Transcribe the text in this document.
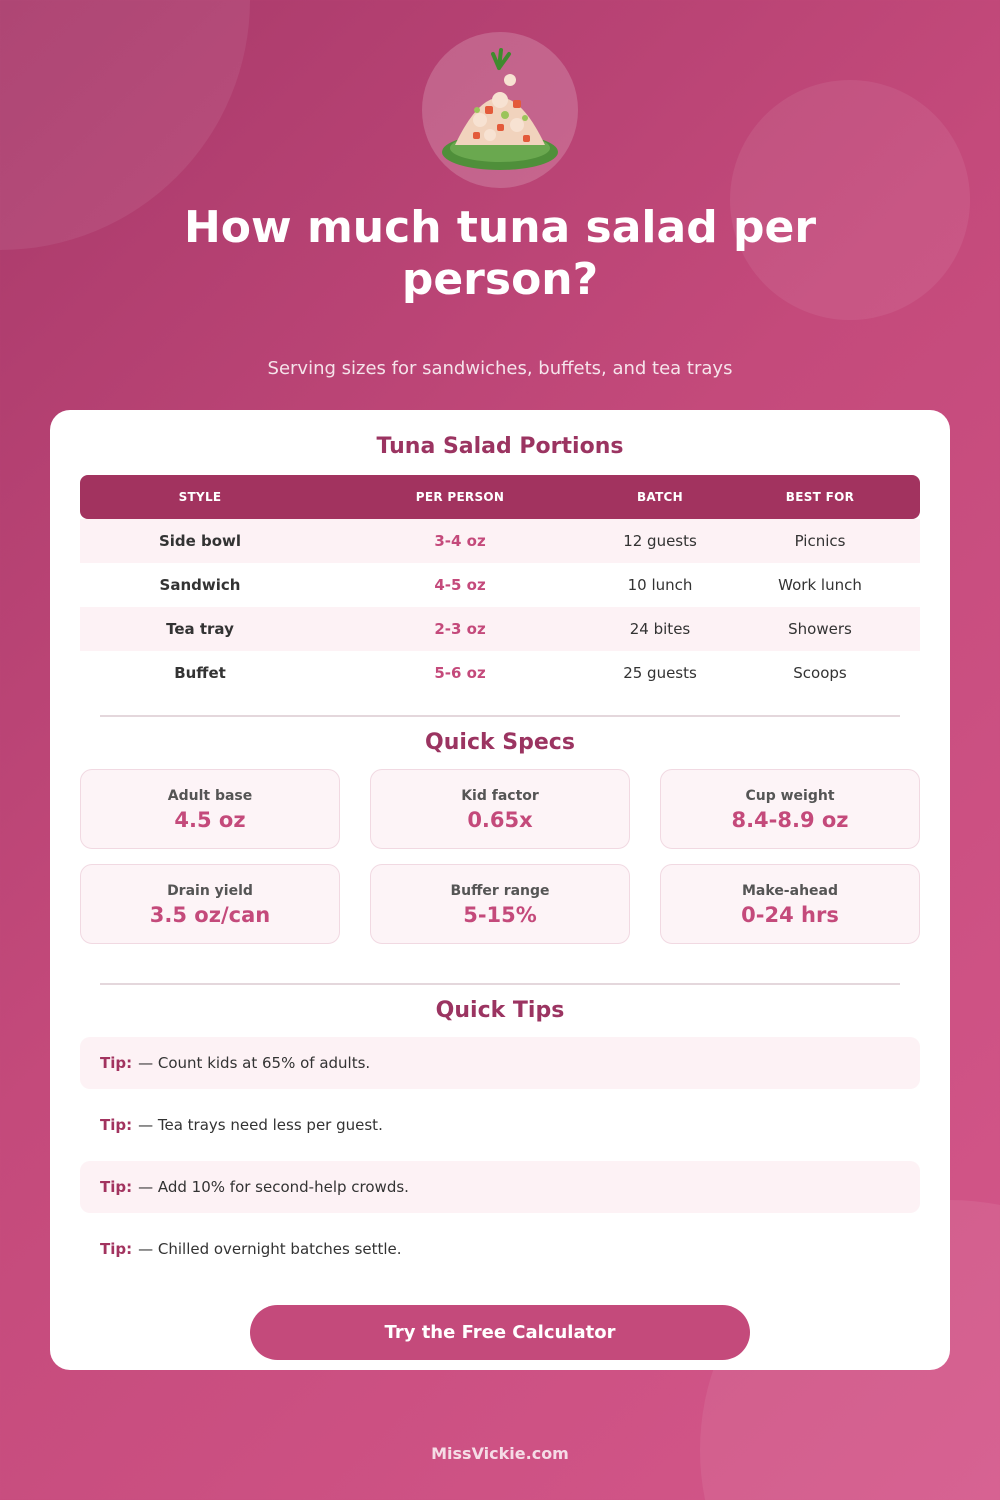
How much tuna salad per person?

Serving sizes for sandwiches, buffets, and tea trays

Tuna Salad Portions
STYLE	PER PERSON	BATCH	BEST FOR
Side bowl	3-4 oz	12 guests	Picnics
Sandwich	4-5 oz	10 lunch	Work lunch
Tea tray	2-3 oz	24 bites	Showers
Buffet	5-6 oz	25 guests	Scoops
Quick Specs
Adult base
4.5 oz
Kid factor
0.65x
Cup weight
8.4-8.9 oz
Drain yield
3.5 oz/can
Buffer range
5-15%
Make-ahead
0-24 hrs
Quick Tips
Tip: — Count kids at 65% of adults.
Tip: — Tea trays need less per guest.
Tip: — Add 10% for second-help crowds.
Tip: — Chilled overnight batches settle.
Try the Free Calculator
MissVickie.com
